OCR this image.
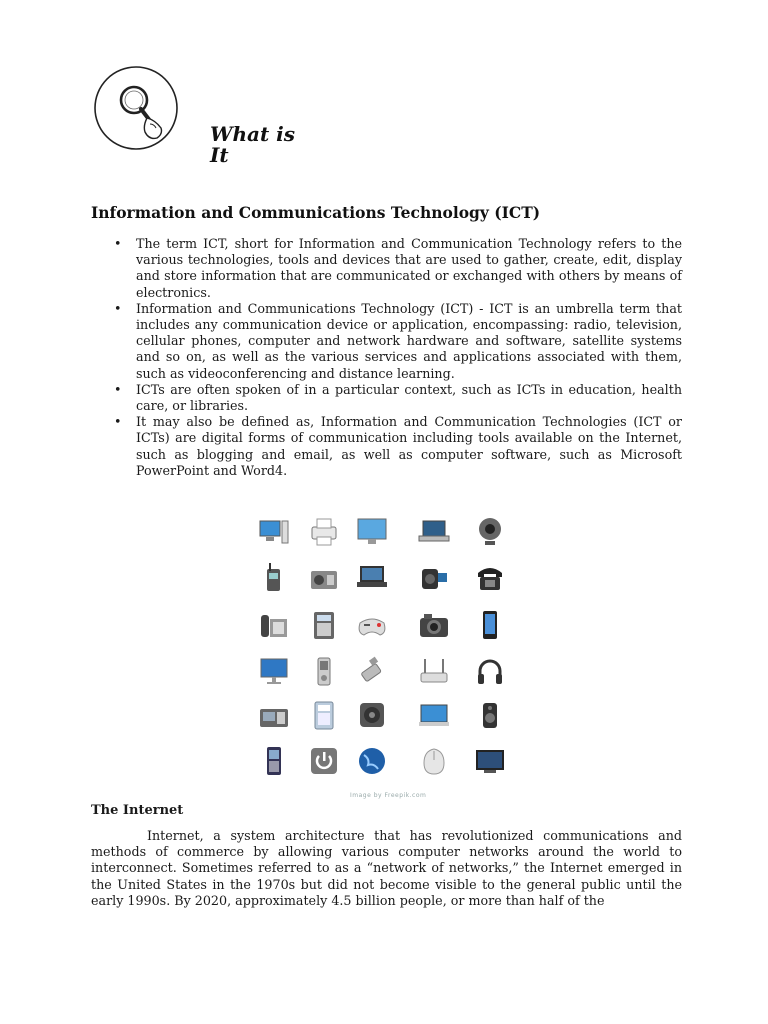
What is
It
Information and Communications Technology (ICT)
• The term ICT, short for Information and Communication Technology refers to the various technologies, tools and devices that are used to gather, create, edit, display and store information that are communicated or exchanged with others by means of electronics.
• Information and Communications Technology (ICT) - ICT is an umbrella term that includes any communication device or application, encompassing: radio, television, cellular phones, computer and network hardware and software, satellite systems and so on, as well as the various services and applications associated with them, such as videoconferencing and distance learning.
• ICTs are often spoken of in a particular context, such as ICTs in education, health care, or libraries.
• It may also be defined as, Information and Communication Technologies (ICT or ICTs) are digital forms of communication including tools available on the Internet, such as blogging and email, as well as computer software, such as Microsoft PowerPoint and Word4.
Image by Freepik.com
The Internet

Internet, a system architecture that has revolutionized communications and methods of commerce by allowing various computer networks around the world to interconnect. Sometimes referred to as a “network of networks,” the Internet emerged in the United States in the 1970s but did not become visible to the general public until the early 1990s. By 2020, approximately 4.5 billion people, or more than half of the
